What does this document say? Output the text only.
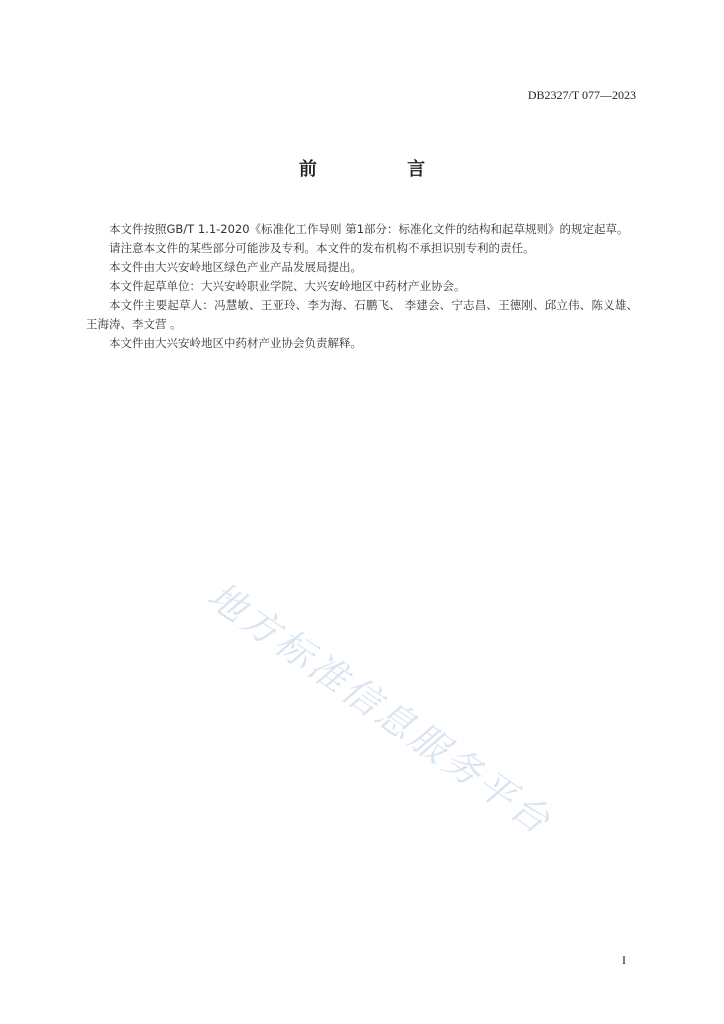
DB2327/T 077—2023
前 言

本文件按照GB/T 1.1-2020《标准化工作导则 第1部分：标准化文件的结构和起草规则》的规定起草。

请注意本文件的某些部分可能涉及专利。本文件的发布机构不承担识别专利的责任。

本文件由大兴安岭地区绿色产业产品发展局提出。

本文件起草单位：大兴安岭职业学院、大兴安岭地区中药材产业协会。

本文件主要起草人：冯慧敏、王亚玲、李为海、石鹏飞、 李建会、宁志昌、王德刚、邱立伟、陈义雄、王海涛、李文营 。

本文件由大兴安岭地区中药材产业协会负责解释。

地方标准信息服务平台
I
